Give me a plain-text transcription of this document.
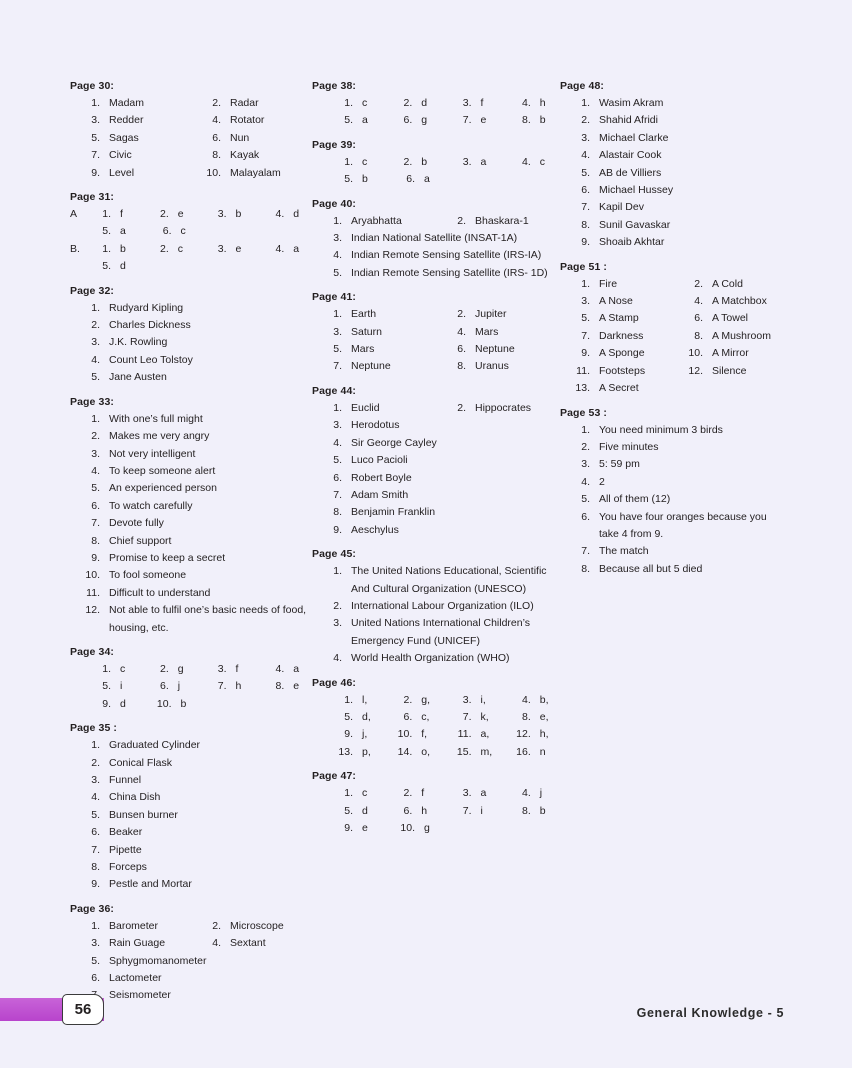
Page 30:
1. Madam	2. Radar
3. Redder	4. Rotator
5. Sagas	6. Nun
7. Civic	8. Kayak
9. Level	10. Malayalam
Page 31:
A	1. f	2. e	3. b	4. d
5. a	6. c
B.	1. b	2. c	3. e	4. a
5. d
Page 32:
1. Rudyard Kipling
2. Charles Dickness
3. J.K. Rowling
4. Count Leo Tolstoy
5. Jane Austen
Page 33:
1. With one’s full might
2. Makes me very angry
3. Not very intelligent
4. To keep someone alert
5. An experienced person
6. To watch carefully
7. Devote fully
8. Chief support
9. Promise to keep a secret
10. To fool someone
11. Difficult to understand
12. Not able to fulfil one’s basic needs of food, housing, etc.
Page 34:
1. c	2. g	3. f	4. a
5. i	6. j	7. h	8. e
9. d	10. b
Page 35 :
1. Graduated Cylinder
2. Conical Flask
3. Funnel
4. China Dish
5. Bunsen burner
6. Beaker
7. Pipette
8. Forceps
9. Pestle and Mortar
Page 36:
1. Barometer	2. Microscope
3. Rain Guage	4. Sextant
5. Sphygmomanometer
6. Lactometer
Seismometer
Page 38:
1. c	2. d	3. f	4. h
5. a	6. g	7. e	8. b
Page 39:
1. c	2. b	3. a	4. c
5. b	6. a
Page 40:
1. Aryabhatta	2. Bhaskara-1
3. Indian National Satellite (INSAT-1A)
4. Indian Remote Sensing Satellite (IRS-IA)
5. Indian Remote Sensing Satellite (IRS- 1D)
Page 41:
1. Earth	2. Jupiter
3. Saturn	4. Mars
5. Mars	6. Neptune
7. Neptune	8. Uranus
Page 44:
1. Euclid	2. Hippocrates
3. Herodotus
4. Sir George Cayley
5. Luco Pacioli
6. Robert Boyle
7. Adam Smith
8. Benjamin Franklin
9. Aeschylus
Page 45:
1. The United Nations Educational, Scientific And Cultural Organization (UNESCO)
2. International Labour Organization (ILO)
3. United Nations International Children’s Emergency Fund (UNICEF)
4. World Health Organization (WHO)
Page 46:
1. l,	2. g,	3. i,	4. b,
5. d,	6. c,	7. k,	8. e,
9. j,	10. f,	11. a,	12. h,
13. p,	14. o,	15. m,	16. n
Page 47:
1. c	2. f	3. a	4. j
5. d	6. h	7. i	8. b
9. e	10. g
Page 48:
1. Wasim Akram
2. Shahid Afridi
3. Michael Clarke
4. Alastair Cook
5. AB de Villiers
6. Michael Hussey
7. Kapil Dev
8. Sunil Gavaskar
9. Shoaib Akhtar
Page 51 :
1. Fire	2. A Cold
3. A Nose	4. A Matchbox
5. A Stamp	6. A Towel
7. Darkness	8. A Mushroom
9. A Sponge	10. A Mirror
11. Footsteps	12. Silence
13. A Secret
Page 53 :
1. You need minimum 3 birds
2. Five minutes
3. 5: 59 pm
4. 2
5. All of them (12)
6. You have four oranges because you take 4 from 9.
7. The match
8. Because all but 5 died
56	General Knowledge - 5
